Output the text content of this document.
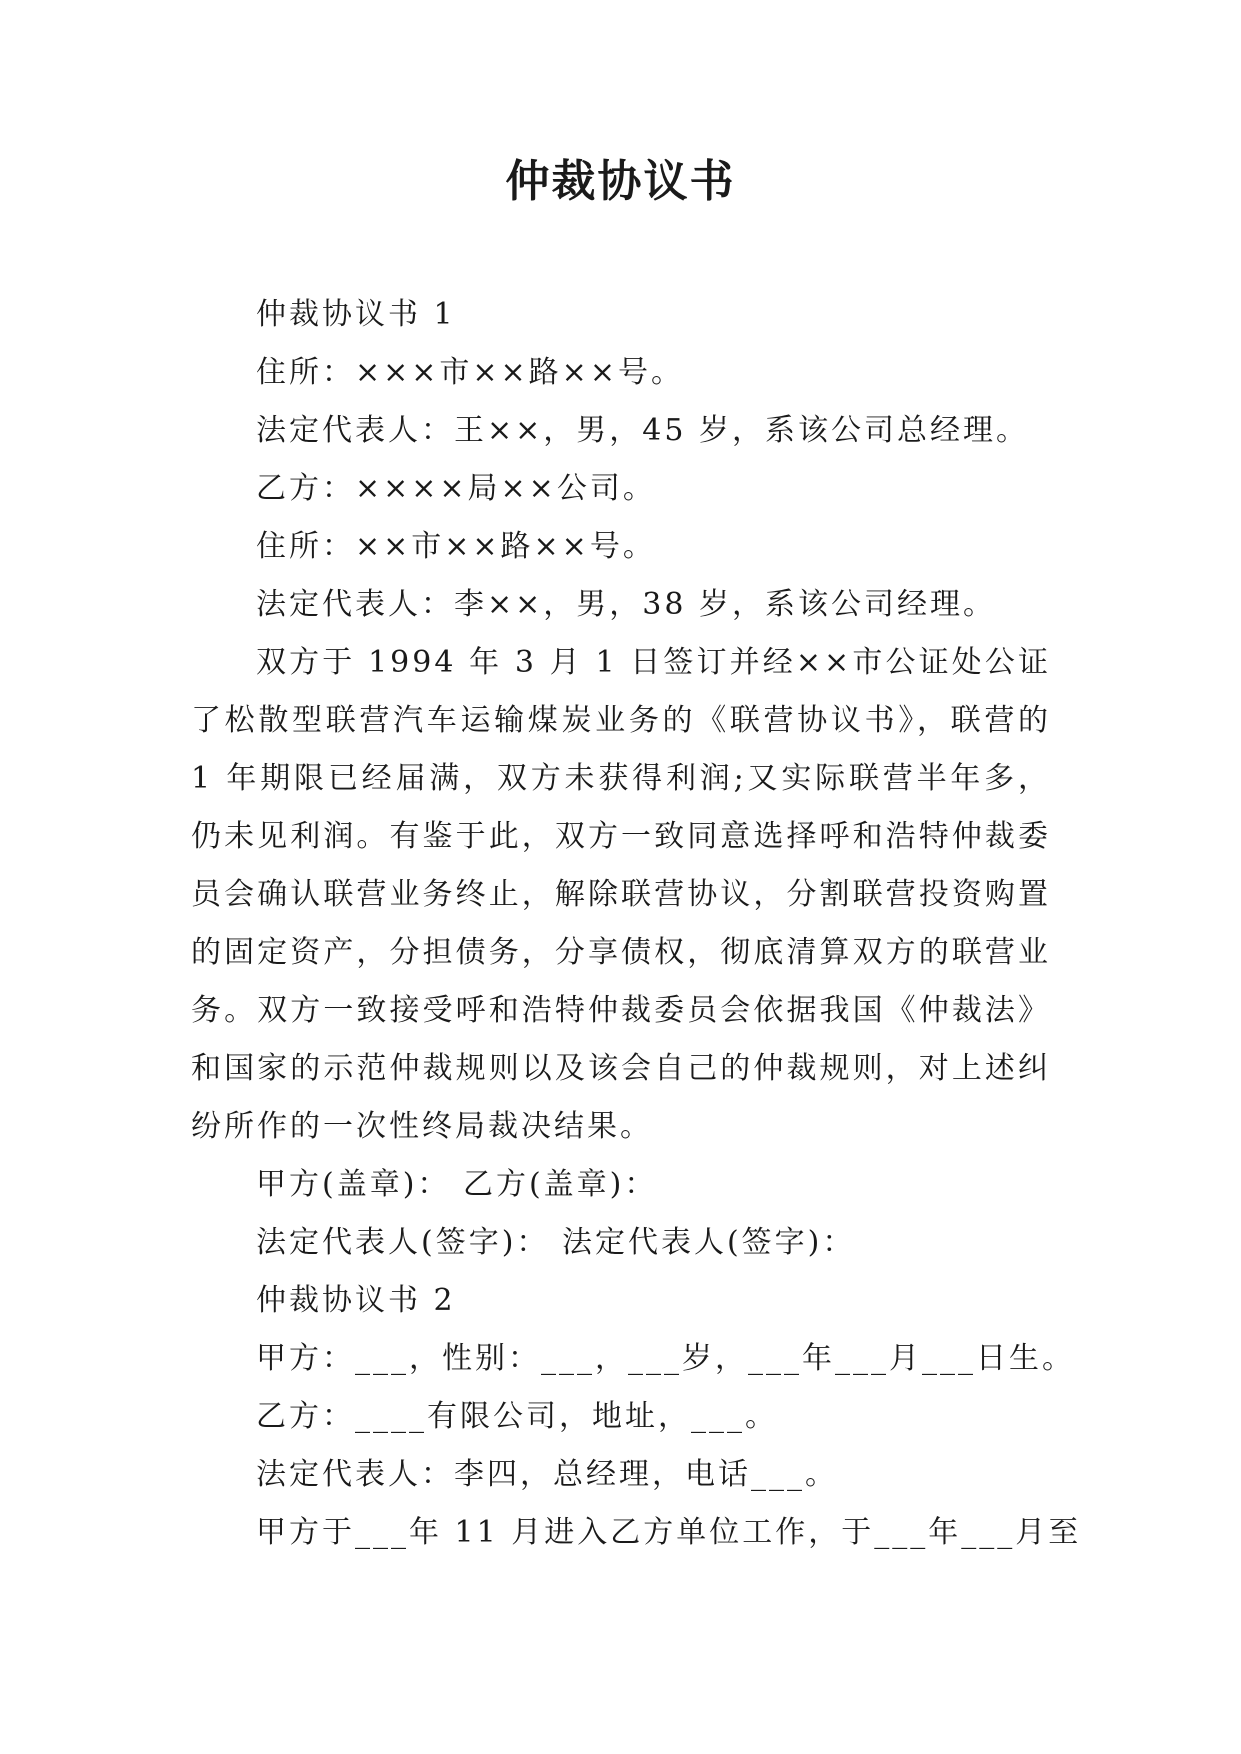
仲裁协议书

仲裁协议书 1

住所：×××市××路××号。

法定代表人：王××，男，45 岁，系该公司总经理。

乙方：××××局××公司。

住所：××市××路××号。

法定代表人：李××，男，38 岁，系该公司经理。

双方于 1994 年 3 月 1 日签订并经××市公证处公证了松散型联营汽车运输煤炭业务的《联营协议书》，联营的 1 年期限已经届满，双方未获得利润;又实际联营半年多，仍未见利润。有鉴于此，双方一致同意选择呼和浩特仲裁委员会确认联营业务终止，解除联营协议，分割联营投资购置的固定资产，分担债务，分享债权，彻底清算双方的联营业务。双方一致接受呼和浩特仲裁委员会依据我国《仲裁法》和国家的示范仲裁规则以及该会自己的仲裁规则，对上述纠纷所作的一次性终局裁决结果。

甲方(盖章)： 乙方(盖章)：

法定代表人(签字)： 法定代表人(签字)：

仲裁协议书 2

甲方：___，性别：___，___岁，___年___月___日生。

乙方：____有限公司，地址，___。

法定代表人：李四，总经理，电话___。

甲方于___年 11 月进入乙方单位工作，于___年___月至
